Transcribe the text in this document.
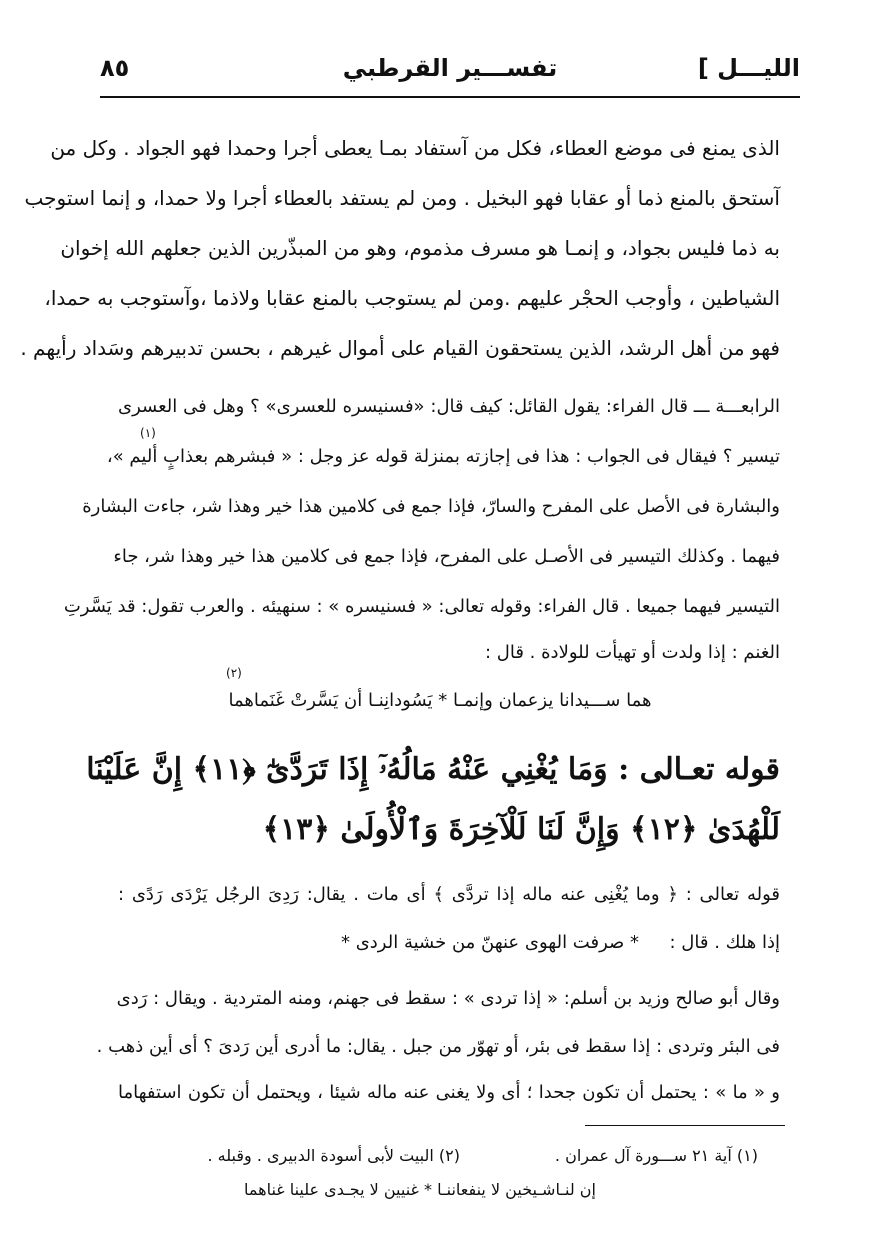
الليـــل ]
تفســـير القرطبي
٨٥
الذى يمنع فى موضع العطاء، فكل من آستفاد بمـا يعطى أجرا وحمدا فهو الجواد . وكل من
آستحق بالمنع ذما أو عقابا فهو البخيل . ومن لم يستفد بالعطاء أجرا ولا حمدا، و إنما استوجب
به ذما فليس بجواد، و إنمـا هو مسرف مذموم، وهو من المبذّرين الذين جعلهم الله إخوان
الشياطين ، وأوجب الحجْر عليهم .ومن لم يستوجب بالمنع عقابا ولاذما ،وآستوجب به حمدا،
فهو من أهل الرشد، الذين يستحقون القيام على أموال غيرهم ، بحسن تدبيرهم وسَداد رأيهم .
الرابعـــة ـــ قال الفراء: يقول القائل: كيف قال: «فسنيسره للعسرى» ؟ وهل فى العسرى
تيسير ؟ فيقال فى الجواب : هذا فى إجازته بمنزلة قوله عز وجل : « فبشرهم بعذابٍ أليم »،
(١)
والبشارة فى الأصل على المفرح والسارّ، فإذا جمع فى كلامين هذا خير وهذا شر، جاءت البشارة
فيهما . وكذلك التيسير فى الأصـل على المفرح، فإذا جمع فى كلامين هذا خير وهذا شر، جاء
التيسير فيهما جميعا . قال الفراء: وقوله تعالى: « فسنيسره » : سنهيئه . والعرب تقول: قد يَسَّرتِ
الغنم : إذا ولدت أو تهيأت للولادة . قال :
(٢)
هما ســـيدانا يزعمان وإنمـا * يَسُودانِنـا أن يَسَّرتْ غَنَماهما
قوله تعـالى : وَمَا يُغْنِي عَنْهُ مَالُهُۥٓ إِذَا تَرَدَّىٰٓ ﴿١١﴾ إِنَّ عَلَيْنَا
لَلْهُدَىٰ ﴿١٢﴾ وَإِنَّ لَنَا لَلْآخِرَةَ وَٱلْأُولَىٰ ﴿١٣﴾
قوله تعالى : ﴿ وما يُغْنِى عنه ماله إذا تردَّى ﴾ أى مات . يقال: رَدِىَ الرجُل يَرْدَى رَدًى :
إذا هلك . قال :
* صرفت الهوى عنهنّ من خشية الردى *
وقال أبو صالح وزيد بن أسلم: « إذا تردى » : سقط فى جهنم، ومنه المتردية . ويقال : رَدى
فى البئر وتردى : إذا سقط فى بئر، أو تهوّر من جبل . يقال: ما أدرى أين رَدىَ ؟ أى أين ذهب .
و « ما » : يحتمل أن تكون جحدا ؛ أى ولا يغنى عنه ماله شيئا ، ويحتمل أن تكون استفهاما
(١) آية ٢١ ســـورة آل عمران .
(٢) البيت لأبى أسودة الدبيرى . وقبله .
إن لنـاشـيخين لا ينفعاننـا * غنيين لا يجـدى علينا غناهما
